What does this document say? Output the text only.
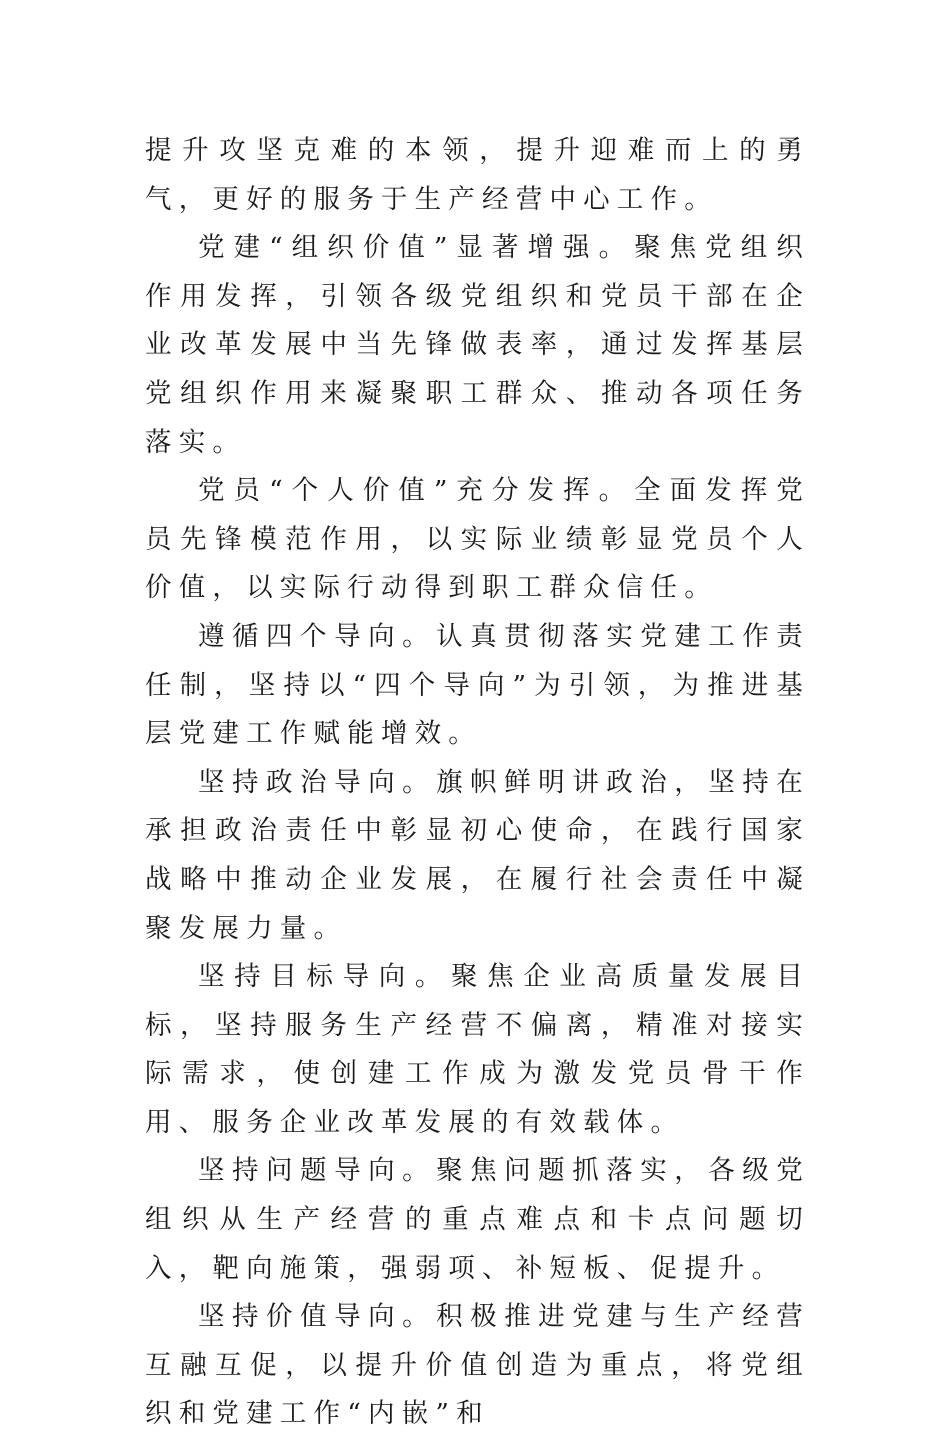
提升攻坚克难的本领，提升迎难而上的勇气，更好的服务于生产经营中心工作。

党建“组织价值”显著增强。聚焦党组织作用发挥，引领各级党组织和党员干部在企业改革发展中当先锋做表率，通过发挥基层党组织作用来凝聚职工群众、推动各项任务落实。

党员“个人价值”充分发挥。全面发挥党员先锋模范作用，以实际业绩彰显党员个人价值，以实际行动得到职工群众信任。

遵循四个导向。认真贯彻落实党建工作责任制，坚持以“四个导向”为引领，为推进基层党建工作赋能增效。

坚持政治导向。旗帜鲜明讲政治，坚持在承担政治责任中彰显初心使命，在践行国家战略中推动企业发展，在履行社会责任中凝聚发展力量。

坚持目标导向。聚焦企业高质量发展目标，坚持服务生产经营不偏离，精准对接实际需求，使创建工作成为激发党员骨干作用、服务企业改革发展的有效载体。

坚持问题导向。聚焦问题抓落实，各级党组织从生产经营的重点难点和卡点问题切入，靶向施策，强弱项、补短板、促提升。

坚持价值导向。积极推进党建与生产经营互融互促，以提升价值创造为重点，将党组织和党建工作“内嵌”和
